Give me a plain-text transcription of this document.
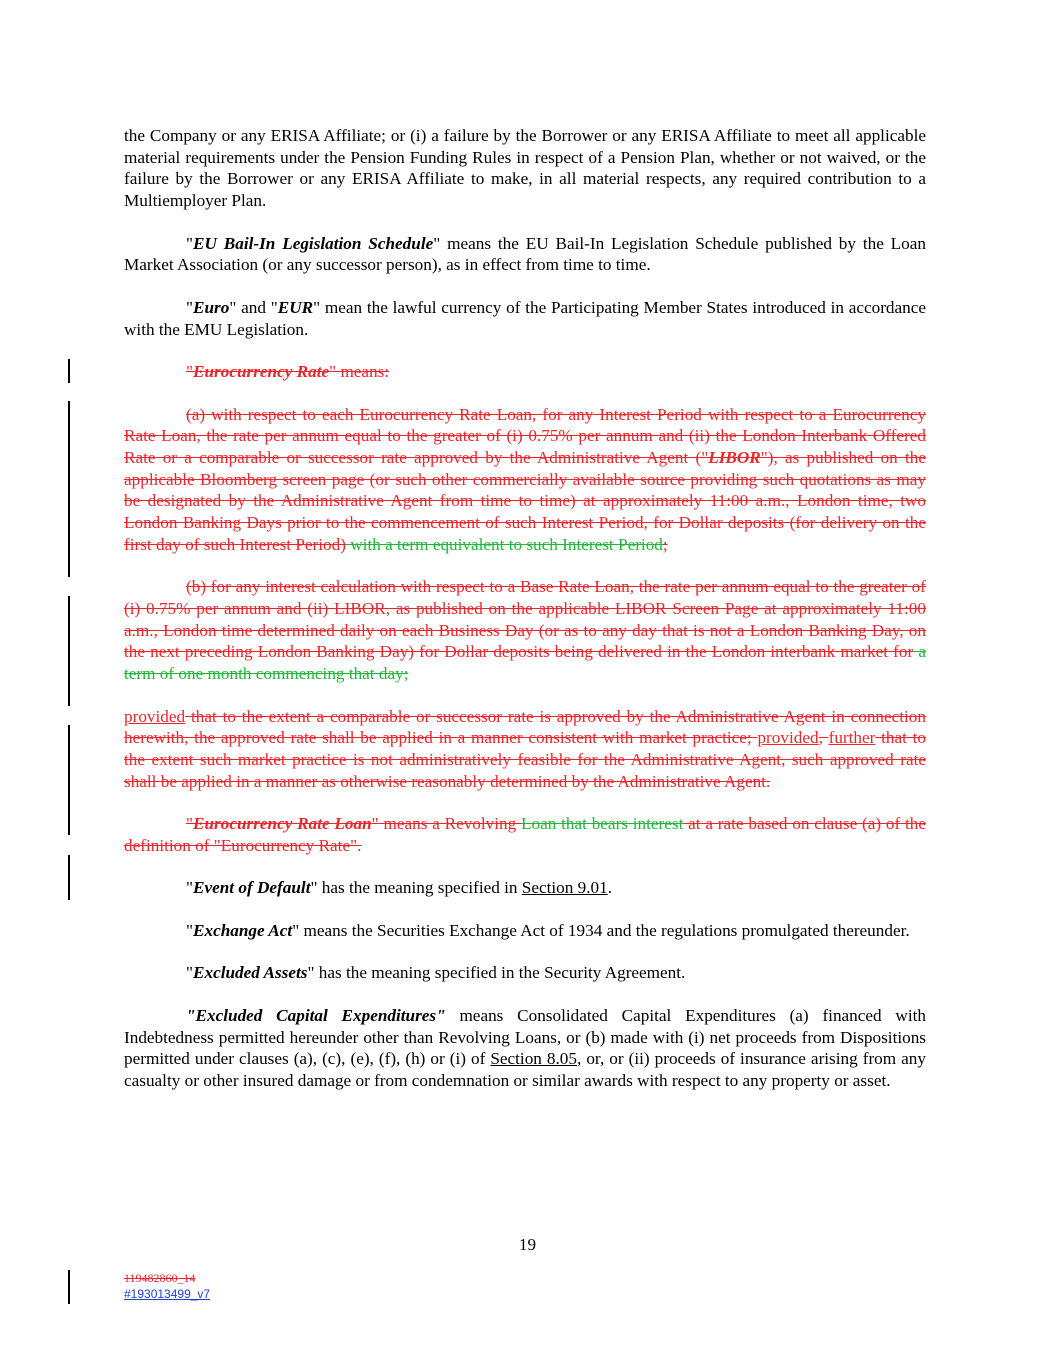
the Company or any ERISA Affiliate; or (i) a failure by the Borrower or any ERISA Affiliate to meet all applicable material requirements under the Pension Funding Rules in respect of a Pension Plan, whether or not waived, or the failure by the Borrower or any ERISA Affiliate to make, in all material respects, any required contribution to a Multiemployer Plan.

"EU Bail-In Legislation Schedule" means the EU Bail-In Legislation Schedule published by the Loan Market Association (or any successor person), as in effect from time to time.

"Euro" and "EUR" mean the lawful currency of the Participating Member States introduced in accordance with the EMU Legislation.

"Eurocurrency Rate" means:

(a) with respect to each Eurocurrency Rate Loan, for any Interest Period with respect to a Eurocurrency Rate Loan, the rate per annum equal to the greater of (i) 0.75% per annum and (ii) the London Interbank Offered Rate or a comparable or successor rate approved by the Administrative Agent ("LIBOR"), as published on the applicable Bloomberg screen page (or such other commercially available source providing such quotations as may be designated by the Administrative Agent from time to time) at approximately 11:00 a.m., London time, two London Banking Days prior to the commencement of such Interest Period, for Dollar deposits (for delivery on the first day of such Interest Period) with a term equivalent to such Interest Period;

(b) for any interest calculation with respect to a Base Rate Loan, the rate per annum equal to the greater of (i) 0.75% per annum and (ii) LIBOR, as published on the applicable LIBOR Screen Page at approximately 11:00 a.m., London time determined daily on each Business Day (or as to any day that is not a London Banking Day, on the next preceding London Banking Day) for Dollar deposits being delivered in the London interbank market for a term of one month commencing that day;

provided that to the extent a comparable or successor rate is approved by the Administrative Agent in connection herewith, the approved rate shall be applied in a manner consistent with market practice; provided, further that to the extent such market practice is not administratively feasible for the Administrative Agent, such approved rate shall be applied in a manner as otherwise reasonably determined by the Administrative Agent.

"Eurocurrency Rate Loan" means a Revolving Loan that bears interest at a rate based on clause (a) of the definition of "Eurocurrency Rate".

"Event of Default" has the meaning specified in Section 9.01.

"Exchange Act" means the Securities Exchange Act of 1934 and the regulations promulgated thereunder.

"Excluded Assets" has the meaning specified in the Security Agreement.

"Excluded Capital Expenditures" means Consolidated Capital Expenditures (a) financed with Indebtedness permitted hereunder other than Revolving Loans, or (b) made with (i) net proceeds from Dispositions permitted under clauses (a), (c), (e), (f), (h) or (i) of Section 8.05, or, or (ii) proceeds of insurance arising from any casualty or other insured damage or from condemnation or similar awards with respect to any property or asset.

19
119482860_14
#193013499_v7
